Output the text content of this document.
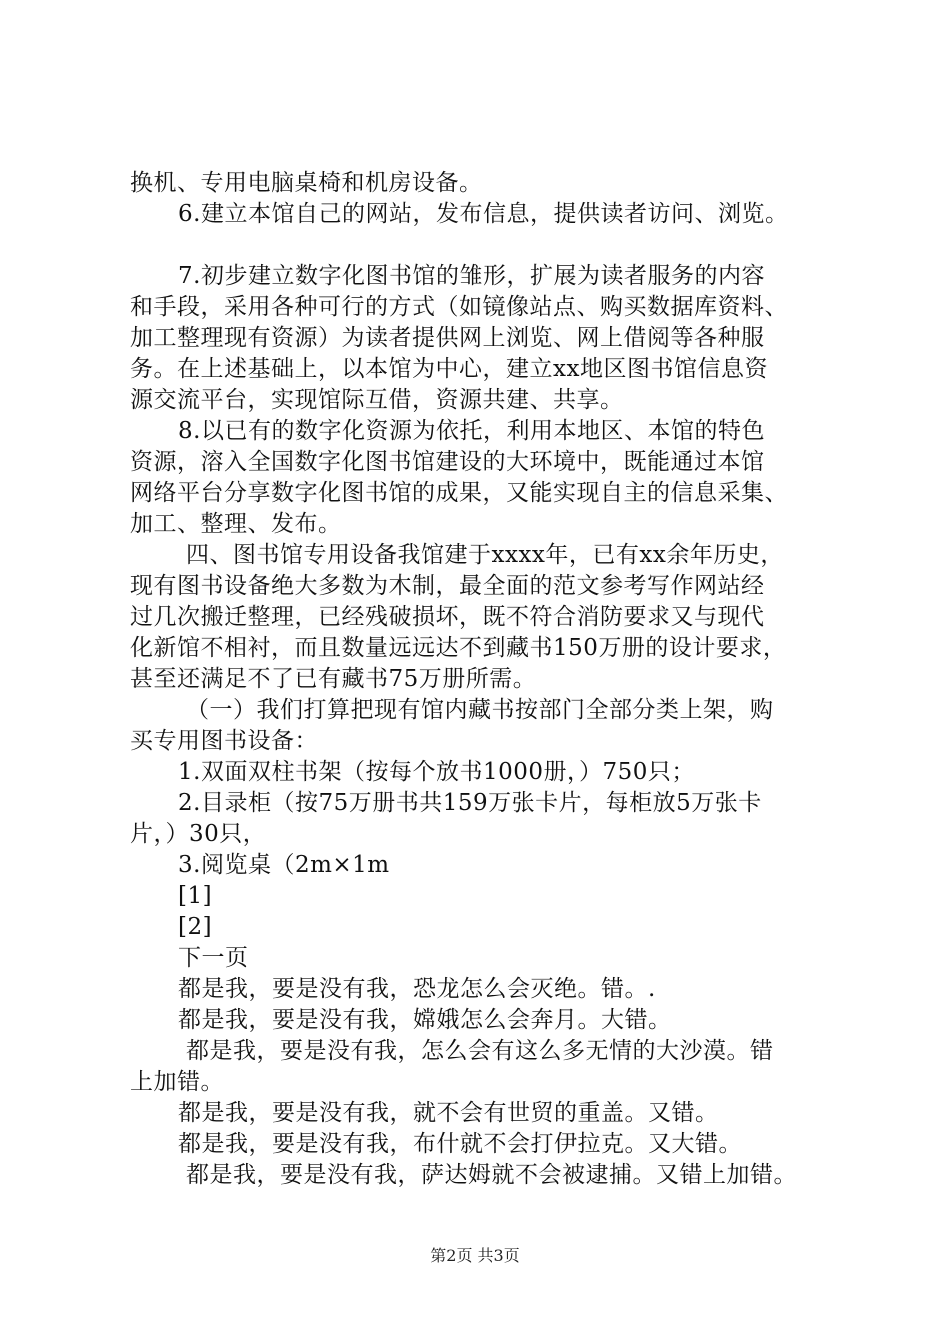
换机、专用电脑桌椅和机房设备。
6.建立本馆自己的网站，发布信息，提供读者访问、浏览。
7.初步建立数字化图书馆的雏形，扩展为读者服务的内容
和手段，采用各种可行的方式（如镜像站点、购买数据库资料、
加工整理现有资源）为读者提供网上浏览、网上借阅等各种服
务。在上述基础上，以本馆为中心，建立xx地区图书馆信息资
源交流平台，实现馆际互借，资源共建、共享。
8.以已有的数字化资源为依托，利用本地区、本馆的特色
资源，溶入全国数字化图书馆建设的大环境中，既能通过本馆
网络平台分享数字化图书馆的成果，又能实现自主的信息采集、
加工、整理、发布。
四、图书馆专用设备我馆建于xxxx年，已有xx余年历史，
现有图书设备绝大多数为木制，最全面的范文参考写作网站经
过几次搬迁整理，已经残破损坏，既不符合消防要求又与现代
化新馆不相衬，而且数量远远达不到藏书150万册的设计要求，
甚至还满足不了已有藏书75万册所需。
（一）我们打算把现有馆内藏书按部门全部分类上架，购
买专用图书设备：
1.双面双柱书架（按每个放书1000册，）750只；
2.目录柜（按75万册书共159万张卡片，每柜放5万张卡
片，）30只，
3.阅览桌（2m×1m
[1]
[2]
下一页
都是我，要是没有我，恐龙怎么会灭绝。错。.
都是我，要是没有我，嫦娥怎么会奔月。大错。
都是我，要是没有我，怎么会有这么多无情的大沙漠。错
上加错。
都是我，要是没有我，就不会有世贸的重盖。又错。
都是我，要是没有我，布什就不会打伊拉克。又大错。
都是我，要是没有我，萨达姆就不会被逮捕。又错上加错。
第2页 共3页
